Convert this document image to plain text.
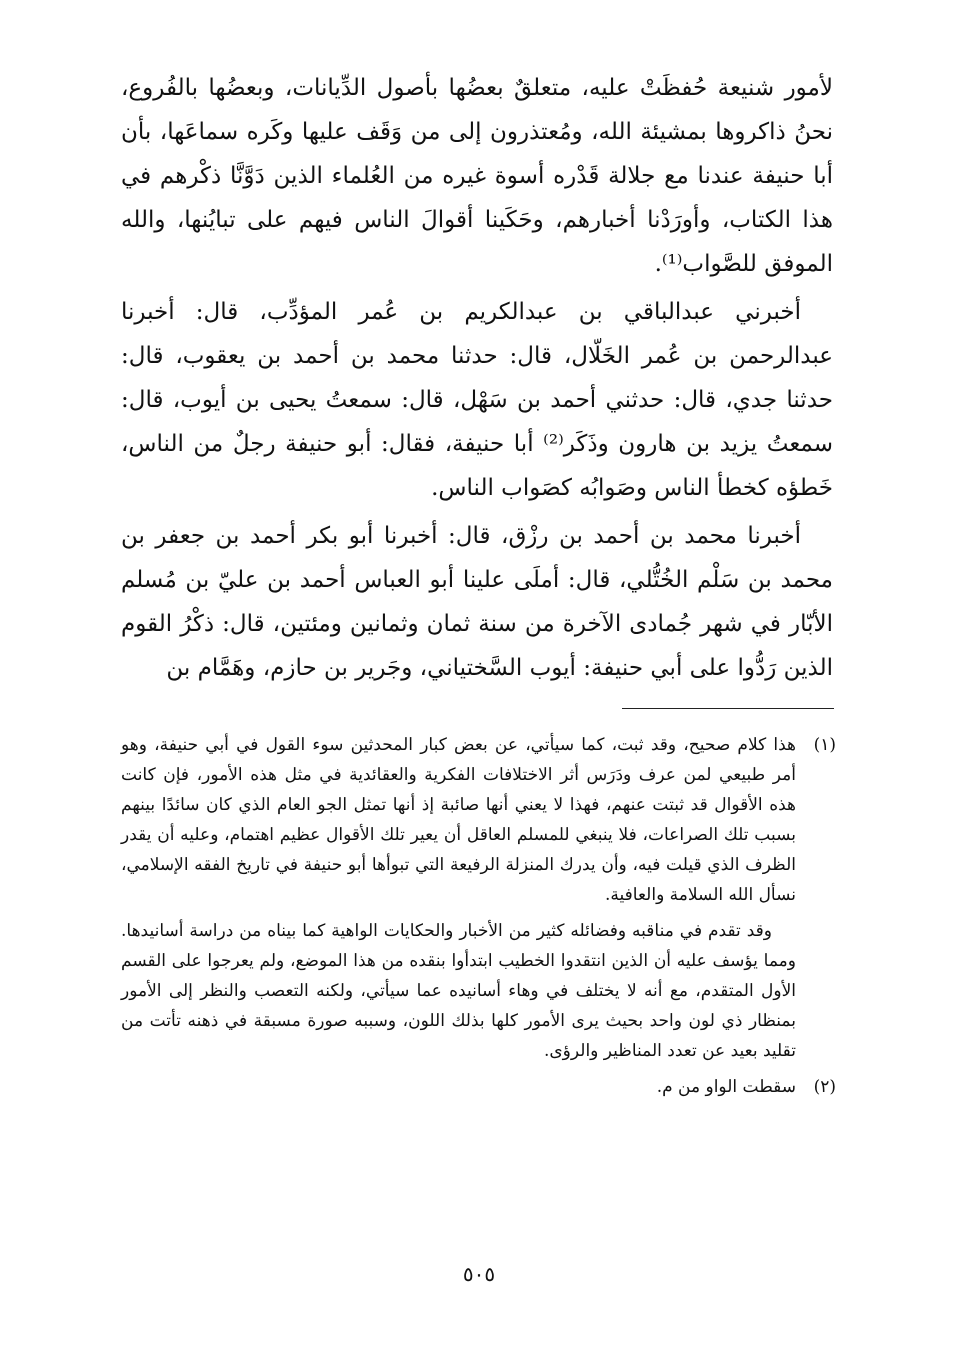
لأمور شنيعة حُفظَتْ عليه، متعلقٌ بعضُها بأصول الدِّيانات، وبعضُها بالفُروع، نحنُ ذاكروها بمشيئة الله، ومُعتذرون إلى من وَقَف عليها وكَره سماعَها، بأن أبا حنيفة عندنا مع جلالة قَدْره أسوة غيره من العُلماء الذين دَوَّنَّا ذكْرهم في هذا الكتاب، وأورَدْنا أخبارهم، وحَكَينا أقوالَ الناس فيهم على تبايُنها، والله الموفق للصَّواب⁽¹⁾.

أخبرني عبدالباقي بن عبدالكريم بن عُمر المؤدِّب، قال: أخبرنا عبدالرحمن بن عُمر الخَلّال، قال: حدثنا محمد بن أحمد بن يعقوب، قال: حدثنا جدي، قال: حدثني أحمد بن سَهْل، قال: سمعتُ يحيى بن أيوب، قال: سمعتُ يزيد بن هارون وذَكَر⁽²⁾ أبا حنيفة، فقال: أبو حنيفة رجلٌ من الناس، خَطؤه كخطأ الناس وصَوابُه كصَواب الناس.

أخبرنا محمد بن أحمد بن رزْق، قال: أخبرنا أبو بكر أحمد بن جعفر بن محمد بن سَلْم الخُتُّلي، قال: أملَى علينا أبو العباس أحمد بن عليّ بن مُسلم الأبّار في شهر جُمادى الآخرة من سنة ثمان وثمانين ومئتين، قال: ذكْرُ القوم الذين رَدُّوا على أبي حنيفة: أيوب السَّختياني، وجَرير بن حازم، وهَمَّام بن

(١)

هذا كلام صحيح، وقد ثبت، كما سيأتي، عن بعض كبار المحدثين سوء القول في أبي حنيفة، وهو أمر طبيعي لمن عرف ودَرَس أثر الاختلافات الفكرية والعقائدية في مثل هذه الأمور، فإن كانت هذه الأقوال قد ثبتت عنهم، فهذا لا يعني أنها صائبة إذ أنها تمثل الجو العام الذي كان سائدًا بينهم بسبب تلك الصراعات، فلا ينبغي للمسلم العاقل أن يعير تلك الأقوال عظيم اهتمام، وعليه أن يقدر الظرف الذي قيلت فيه، وأن يدرك المنزلة الرفيعة التي تبوأها أبو حنيفة في تاريخ الفقه الإسلامي، نسأل الله السلامة والعافية.

وقد تقدم في مناقبه وفضائله كثير من الأخبار والحكايات الواهية كما بيناه من دراسة أسانيدها. ومما يؤسف عليه أن الذين انتقدوا الخطيب ابتدأوا بنقده من هذا الموضع، ولم يعرجوا على القسم الأول المتقدم، مع أنه لا يختلف في وهاء أسانيده عما سيأتي، ولكنه التعصب والنظر إلى الأمور بمنظار ذي لون واحد بحيث يرى الأمور كلها بذلك اللون، وسببه صورة مسبقة في ذهنه تأتت من تقليد بعيد عن تعدد المناظير والرؤى.

(٢)

سقطت الواو من م.

٥٠٥
